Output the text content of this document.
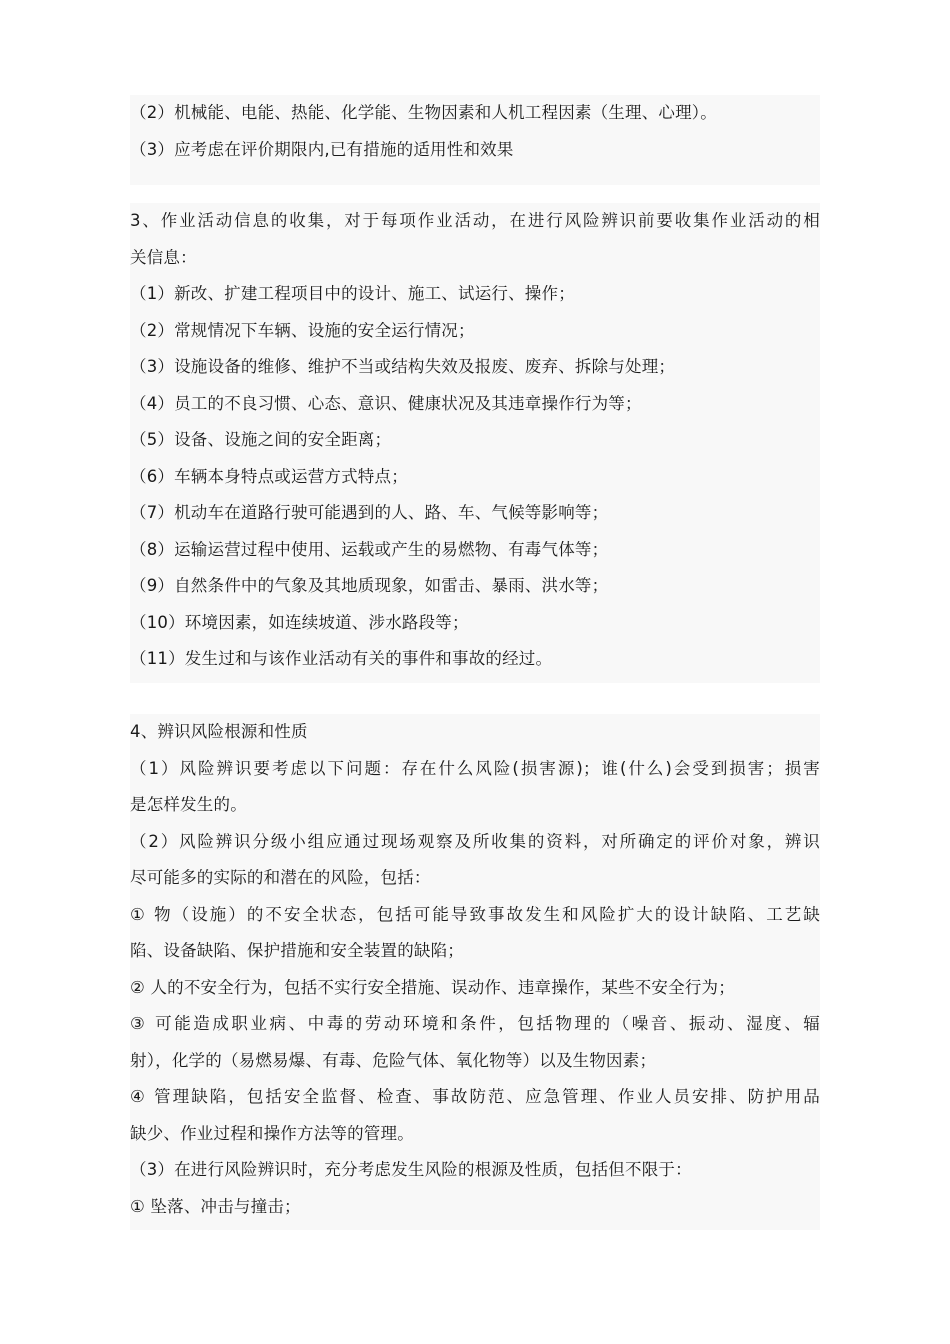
（2）机械能、电能、热能、化学能、生物因素和人机工程因素（生理、心理）。
（3）应考虑在评价期限内,已有措施的适用性和效果
3、作业活动信息的收集，对于每项作业活动，在进行风险辨识前要收集作业活动的相
关信息：
（1）新改、扩建工程项目中的设计、施工、试运行、操作；
（2）常规情况下车辆、设施的安全运行情况；
（3）设施设备的维修、维护不当或结构失效及报废、废弃、拆除与处理；
（4）员工的不良习惯、心态、意识、健康状况及其违章操作行为等；
（5）设备、设施之间的安全距离；
（6）车辆本身特点或运营方式特点；
（7）机动车在道路行驶可能遇到的人、路、车、气候等影响等；
（8）运输运营过程中使用、运载或产生的易燃物、有毒气体等；
（9）自然条件中的气象及其地质现象，如雷击、暴雨、洪水等；
（10）环境因素，如连续坡道、涉水路段等；
（11）发生过和与该作业活动有关的事件和事故的经过。
4、辨识风险根源和性质
（1）风险辨识要考虑以下问题：存在什么风险(损害源)；谁(什么)会受到损害；损害
是怎样发生的。
（2）风险辨识分级小组应通过现场观察及所收集的资料，对所确定的评价对象，辨识
尽可能多的实际的和潜在的风险，包括：
① 物（设施）的不安全状态，包括可能导致事故发生和风险扩大的设计缺陷、工艺缺
陷、设备缺陷、保护措施和安全装置的缺陷；
② 人的不安全行为，包括不实行安全措施、误动作、违章操作，某些不安全行为；
③ 可能造成职业病、中毒的劳动环境和条件，包括物理的（噪音、振动、湿度、辐
射），化学的（易燃易爆、有毒、危险气体、氧化物等）以及生物因素；
④ 管理缺陷，包括安全监督、检查、事故防范、应急管理、作业人员安排、防护用品
缺少、作业过程和操作方法等的管理。
（3）在进行风险辨识时，充分考虑发生风险的根源及性质，包括但不限于：
① 坠落、冲击与撞击；
